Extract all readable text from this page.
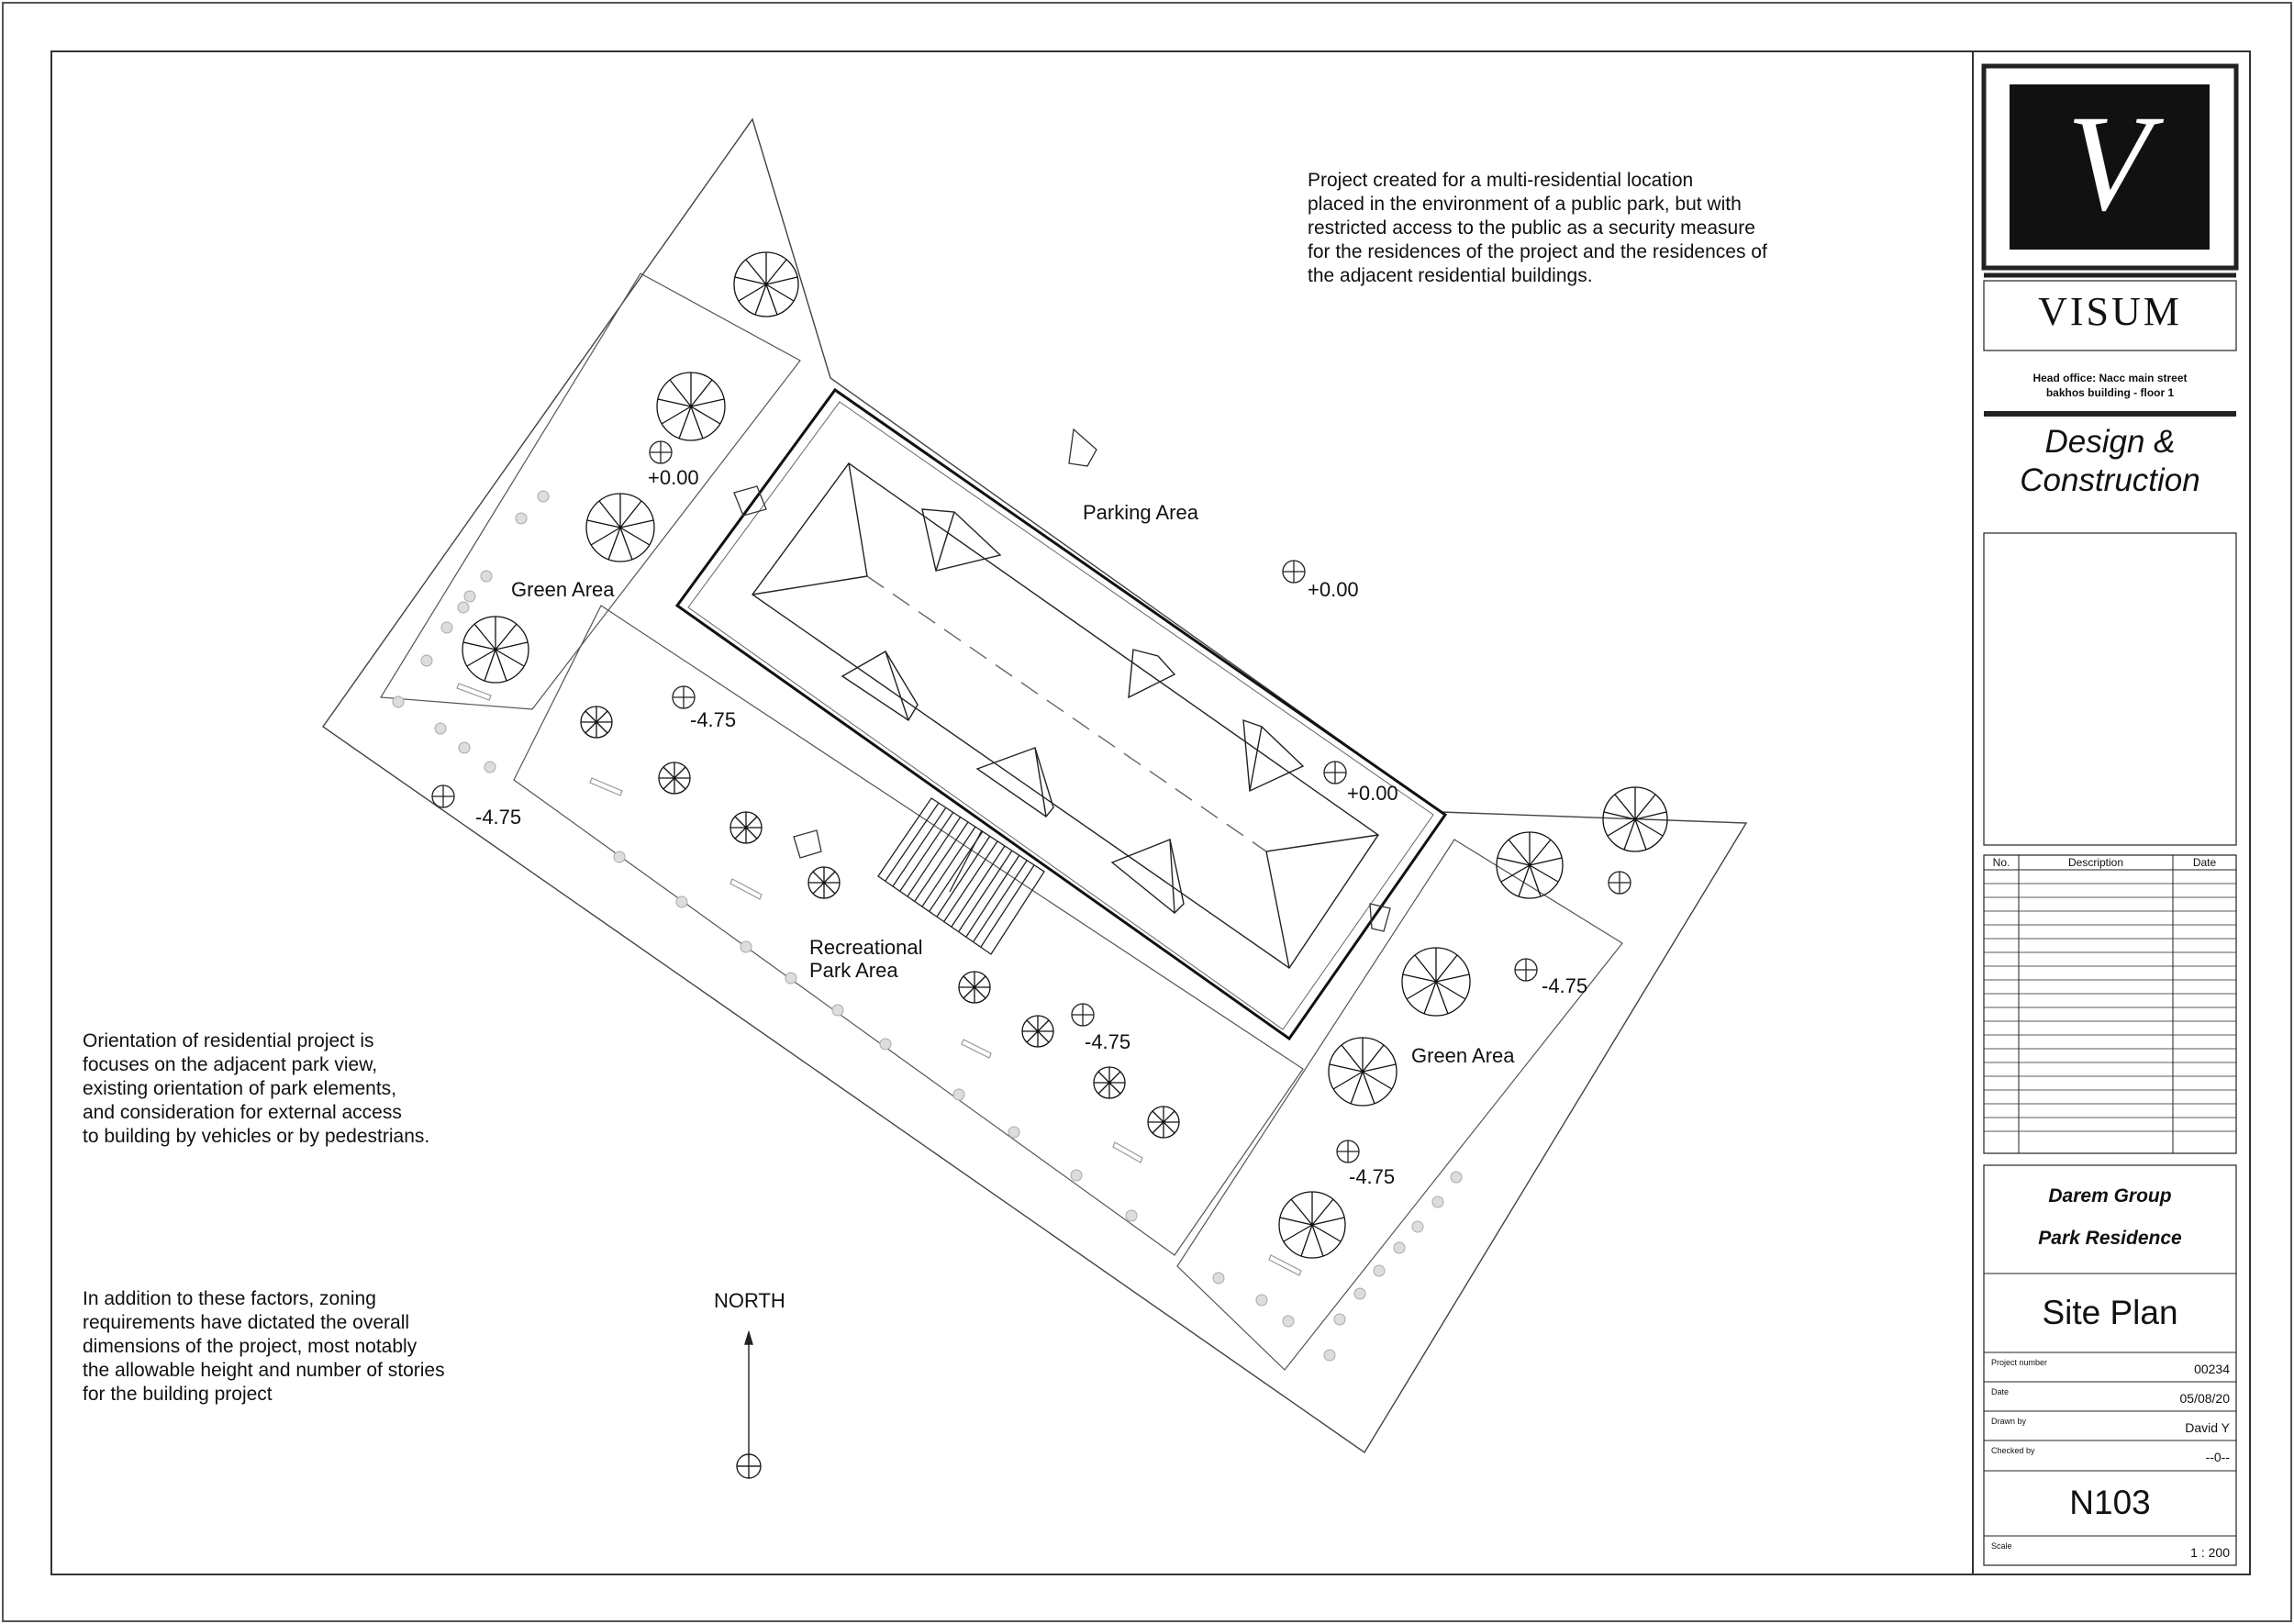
Parking Area
Green Area
Green Area
Recreational
Park Area
NORTH
+0.00
+0.00
+0.00
-4.75
-4.75
-4.75
-4.75
-4.75
V
Project created for a multi-residential location
placed in the environment of a public park, but with
restricted access to the public as a security measure
for the residences of the project and the residences of
the adjacent residential buildings.
Orientation of residential project is
focuses on the adjacent park view,
existing orientation of park elements,
and consideration for external access
to building by vehicles or by pedestrians.
In addition to these factors, zoning
requirements have dictated the overall
dimensions of the project, most notably
the allowable height and number of stories
for the building project
VISUM
Head office: Nacc main street
bakhos building - floor 1
Design &
Construction
No.	Description	Date
Darem Group
Park Residence
Site Plan
Project number	00234
Date	05/08/20
Drawn by	David Y
Checked by	--0--
N103
Scale	1 : 200
